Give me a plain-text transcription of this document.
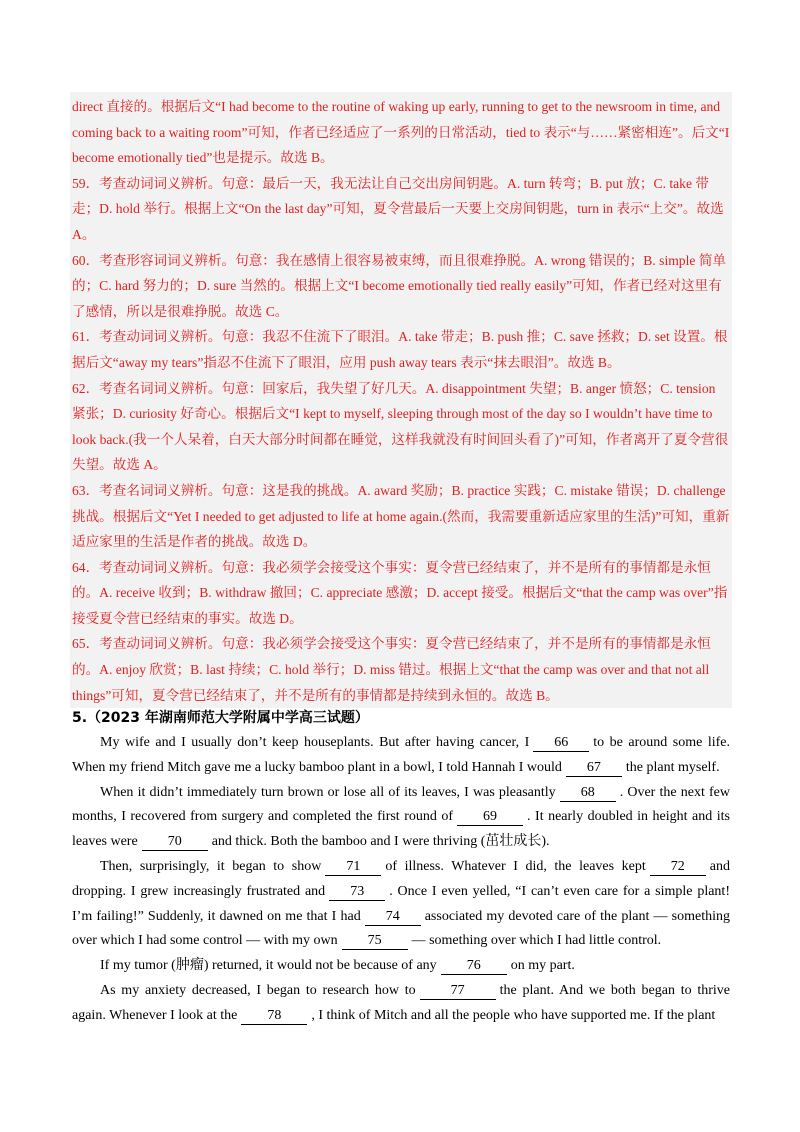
direct 直接的。根据后文“I had become to the routine of waking up early, running to get to the newsroom in time, and coming back to a waiting room”可知，作者已经适应了一系列的日常活动，tied to 表示“与……紧密相连”。后文“I become emotionally tied”也是提示。故选 B。

59．考查动词词义辨析。句意：最后一天，我无法让自己交出房间钥匙。A. turn 转弯；B. put 放；C. take 带走；D. hold 举行。根据上文“On the last day”可知，夏令营最后一天要上交房间钥匙，turn in 表示“上交”。故选 A。

60．考查形容词词义辨析。句意：我在感情上很容易被束缚，而且很难挣脱。A. wrong 错误的；B. simple 简单的；C. hard 努力的；D. sure 当然的。根据上文“I become emotionally tied really easily”可知，作者已经对这里有了感情，所以是很难挣脱。故选 C。

61．考查动词词义辨析。句意：我忍不住流下了眼泪。A. take 带走；B. push 推；C. save 拯救；D. set 设置。根据后文“away my tears”指忍不住流下了眼泪，应用 push away tears 表示“抹去眼泪”。故选 B。

62．考查名词词义辨析。句意：回家后，我失望了好几天。A. disappointment 失望；B. anger 愤怒；C. tension 紧张；D. curiosity 好奇心。根据后文“I kept to myself, sleeping through most of the day so I wouldn’t have time to look back.(我一个人呆着，白天大部分时间都在睡觉，这样我就没有时间回头看了)”可知，作者离开了夏令营很失望。故选 A。

63．考查名词词义辨析。句意：这是我的挑战。A. award 奖励；B. practice 实践；C. mistake 错误；D. challenge 挑战。根据后文“Yet I needed to get adjusted to life at home again.(然而，我需要重新适应家里的生活)”可知，重新适应家里的生活是作者的挑战。故选 D。

64．考查动词词义辨析。句意：我必须学会接受这个事实：夏令营已经结束了，并不是所有的事情都是永恒的。A. receive 收到；B. withdraw 撤回；C. appreciate 感激；D. accept 接受。根据后文“that the camp was over”指接受夏令营已经结束的事实。故选 D。

65．考查动词词义辨析。句意：我必须学会接受这个事实：夏令营已经结束了，并不是所有的事情都是永恒的。A. enjoy 欣赏；B. last 持续；C. hold 举行；D. miss 错过。根据上文“that the camp was over and that not all things”可知，夏令营已经结束了，并不是所有的事情都是持续到永恒的。故选 B。

5.（2023 年湖南师范大学附属中学高三试题）

My wife and I usually don’t keep houseplants. But after having cancer, I 66 to be around some life. When my friend Mitch gave me a lucky bamboo plant in a bowl, I told Hannah I would 67 the plant myself.

When it didn’t immediately turn brown or lose all of its leaves, I was pleasantly 68 . Over the next few months, I recovered from surgery and completed the first round of 69 . It nearly doubled in height and its leaves were 70 and thick. Both the bamboo and I were thriving (茁壮成长).

Then, surprisingly, it began to show 71 of illness. Whatever I did, the leaves kept 72 and dropping. I grew increasingly frustrated and 73 . Once I even yelled, “I can’t even care for a simple plant! I’m failing!” Suddenly, it dawned on me that I had 74 associated my devoted care of the plant — something over which I had some control — with my own 75 — something over which I had little control.

If my tumor (肿瘤) returned, it would not be because of any 76 on my part.

As my anxiety decreased, I began to research how to	77	the plant. And we both began to thrive again. Whenever I look at the 78 , I think of Mitch and all the people who have supported me. If the plant
